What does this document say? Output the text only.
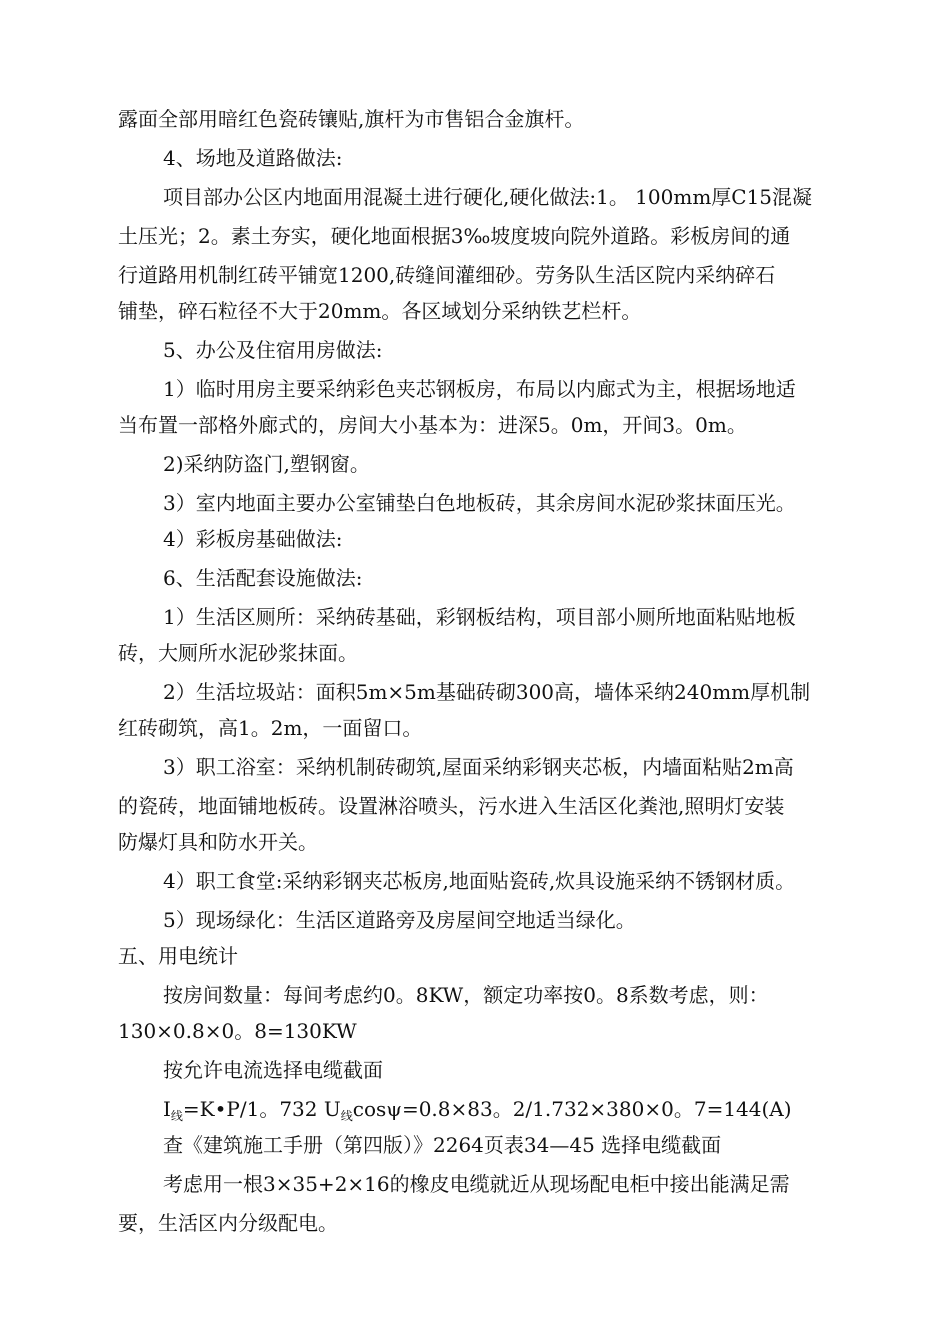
露面全部用暗红色瓷砖镶贴,旗杆为市售铝合金旗杆。
4、场地及道路做法:
项目部办公区内地面用混凝土进行硬化,硬化做法:1。 100mm厚C15混凝
土压光；2。素土夯实，硬化地面根据3‰坡度坡向院外道路。彩板房间的通
行道路用机制红砖平铺宽1200,砖缝间灌细砂。劳务队生活区院内采纳碎石
铺垫，碎石粒径不大于20mm。各区域划分采纳铁艺栏杆。
5、办公及住宿用房做法:
1）临时用房主要采纳彩色夹芯钢板房，布局以内廊式为主，根据场地适
当布置一部格外廊式的，房间大小基本为：进深5。0m，开间3。0m。
2)采纳防盗门,塑钢窗。
3）室内地面主要办公室铺垫白色地板砖，其余房间水泥砂浆抹面压光。
4）彩板房基础做法:
6、生活配套设施做法:
1）生活区厕所：采纳砖基础，彩钢板结构，项目部小厕所地面粘贴地板
砖，大厕所水泥砂浆抹面。
2）生活垃圾站：面积5m×5m基础砖砌300高，墙体采纳240mm厚机制
红砖砌筑，高1。2m，一面留口。
3）职工浴室：采纳机制砖砌筑,屋面采纳彩钢夹芯板，内墙面粘贴2m高
的瓷砖，地面铺地板砖。设置淋浴喷头，污水进入生活区化粪池,照明灯安装
防爆灯具和防水开关。
4）职工食堂:采纳彩钢夹芯板房,地面贴瓷砖,炊具设施采纳不锈钢材质。
5）现场绿化：生活区道路旁及房屋间空地适当绿化。
五、用电统计
按房间数量：每间考虑约0。8KW，额定功率按0。8系数考虑，则：
130×0.8×0。8=130KW
按允许电流选择电缆截面
$I_线=K•P/1$。732 $U_线\cos\psi=0.8\times 83$。2/1.732×380×0。7=144(A)
查《建筑施工手册（第四版）》2264页表34—45 选择电缆截面
考虑用一根3×35+2×16的橡皮电缆就近从现场配电柜中接出能满足需
要，生活区内分级配电。
